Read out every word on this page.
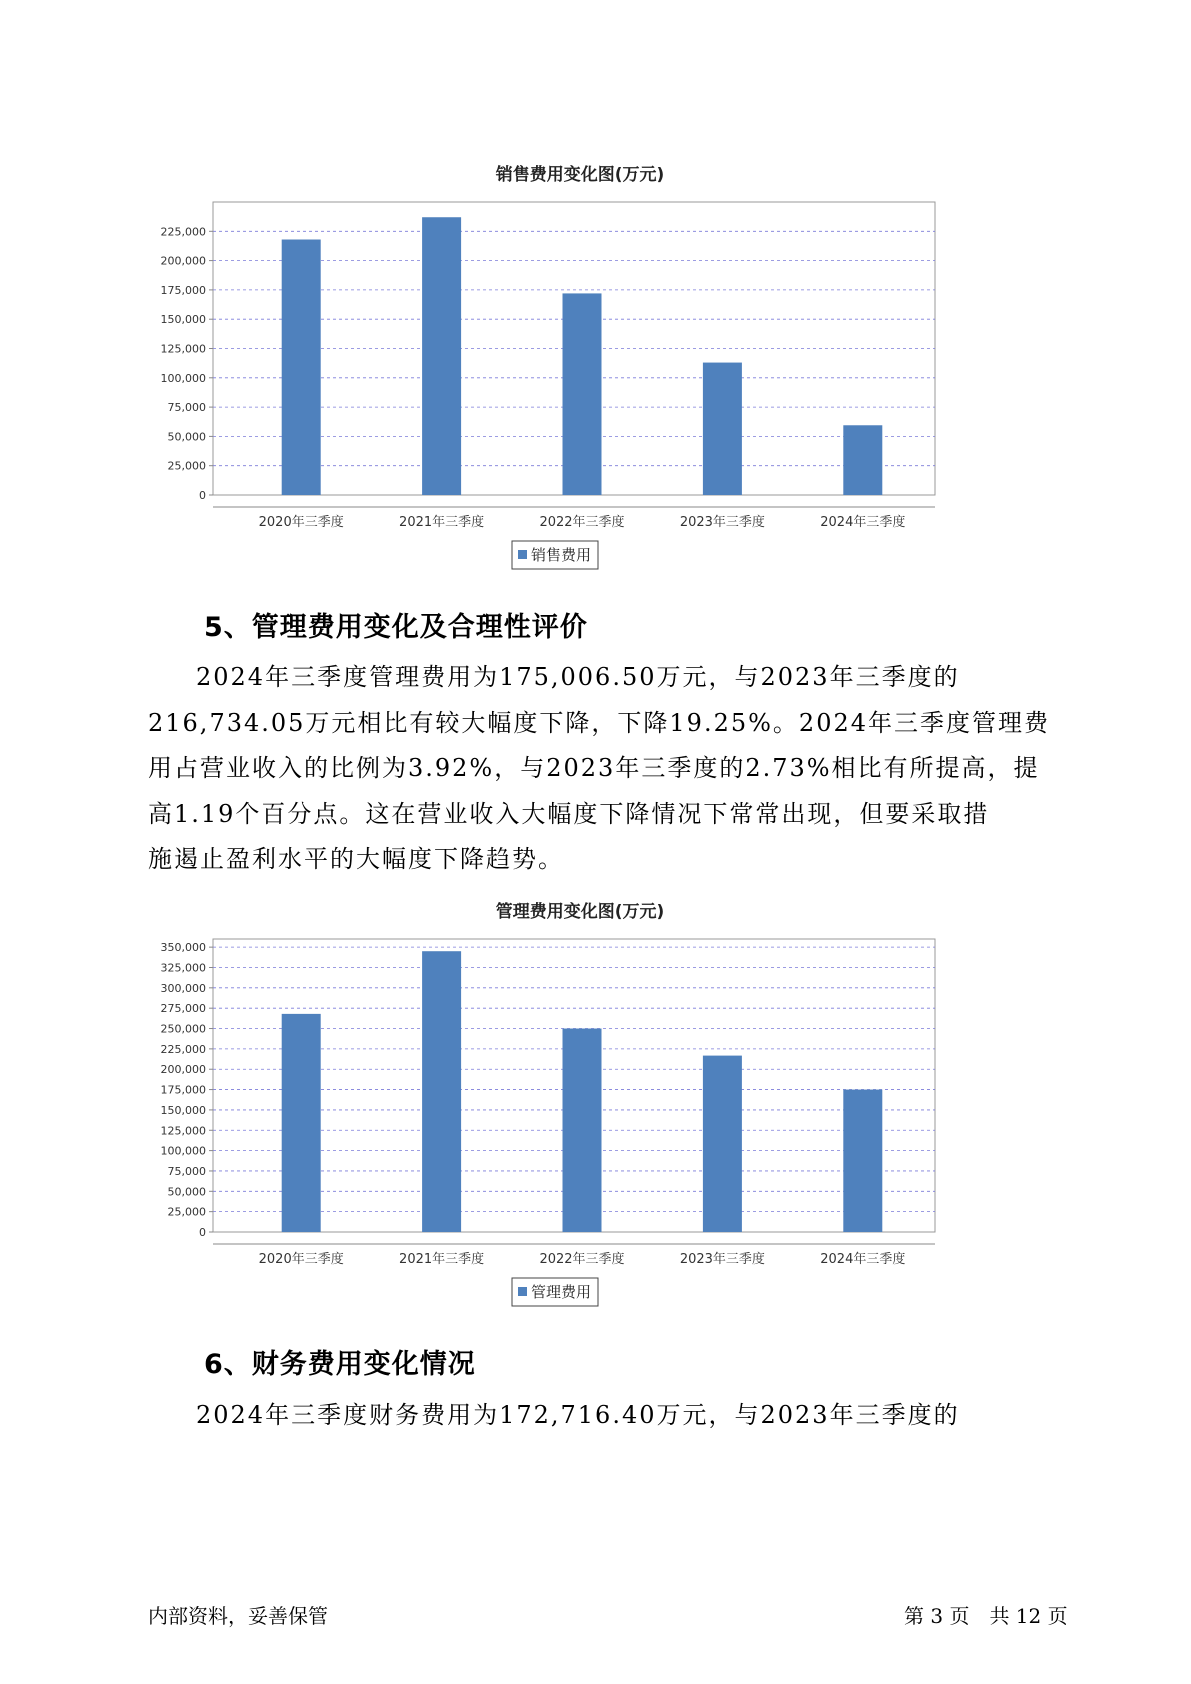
销售费用变化图(万元)
0
25,000
50,000
75,000
100,000
125,000
150,000
175,000
200,000
225,000
2020年三季度	2021年三季度	2022年三季度	2023年三季度	2024年三季度
销售费用
5、管理费用变化及合理性评价
2024年三季度管理费用为175,006.50万元，与2023年三季度的
216,734.05万元相比有较大幅度下降，下降19.25%。2024年三季度管理费
用占营业收入的比例为3.92%，与2023年三季度的2.73%相比有所提高，提
高1.19个百分点。这在营业收入大幅度下降情况下常常出现，但要采取措
施遏止盈利水平的大幅度下降趋势。
管理费用变化图(万元)
0
25,000
50,000
75,000
100,000
125,000
150,000
175,000
200,000
225,000
250,000
275,000
300,000
325,000
350,000
2020年三季度	2021年三季度	2022年三季度	2023年三季度	2024年三季度
管理费用
6、财务费用变化情况
2024年三季度财务费用为172,716.40万元，与2023年三季度的
内部资料，妥善保管	第 3 页　共 12 页
